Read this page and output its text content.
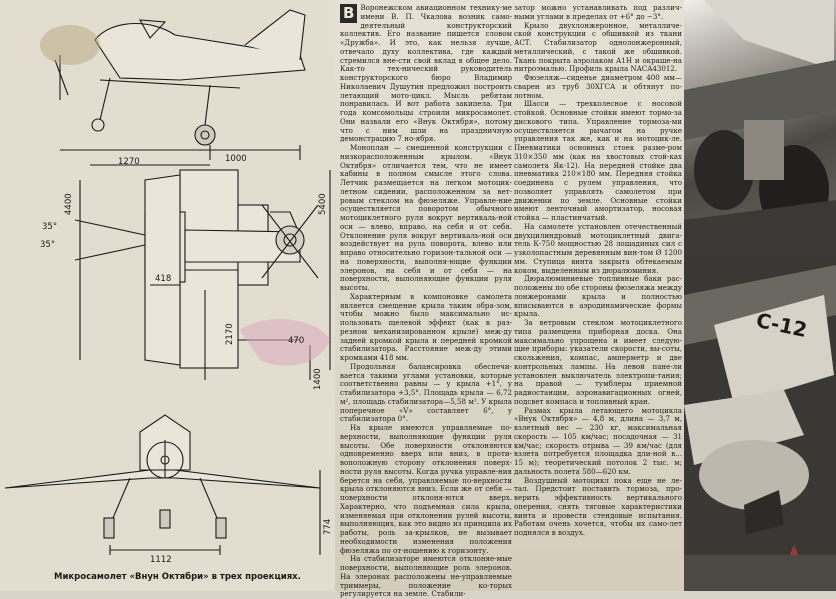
1270	1000
4400	5400
418
2170	470
1400
35°
35°
1112
774
Микросамолет «Внун Октябри» в трех проекциях.

В Воронежском авиационном технику-ме имени В. П. Чкалова возник само-деятельный конструкторский коллектив. Его название пишется словом «Дружба». И это, как нельзя лучше, отвечало духу коллектива, где каждый стремился вне-сти свой вклад в общее дело. Как-то тех-нический руководитель конструкторского бюро Владимир Николаевич Душутин предложил построить летающий мото-цикл. Мысль ребятам понравилась. И вот работа закипела. Три года комсомольцы строили микросамолет. Они назвали его «Внук Октября», потому что с ним шли на праздничную демонстрацию 7 но-ября.

Моноплан — смешенной конструкции с низкорасположенным крылом. «Внук Октября» отличается тем, что не имеет кабины в полном смысле этого слова. Летчик размещается на легком мотоцик-летном сидении, расположенном за вет-ровым стеклом на фюзеляже. Управле-ние осуществляется поворотом обычного мотоциклетного руля вокруг вертикаль-ной оси — влево, вправо, на себя и от себя. Отклонение руля вокруг вертикаль-ной оси воздействует на руль поворота, влево или вправо относительно горизон-тальной оси — на поверхности, выполня-ющие функции элеронов, на себя и от себя — на поверхности, выполняющие функции руля высоты.

Характерным в компоновке самолета является смещение крыла таким обра-зом, чтобы можно было максимально ис-пользовать щелевой эффект (как в раз-резном механизированном крыле) меж-ду задней кромкой крыла и передней кромкой стабилизатора. Расстояние меж-ду этими кромками 418 мм.

Продольная балансировка обеспечи-вается такими углами установки, которые соответственно равны — у крыла +1°, у стабилизатора +3,5°. Площадь крыла — 6,72 м², площадь стабилизатора—5,58 м². У крыла поперечное «V» составляет 6°, у стабилизатора 0°.

На крыле имеются управляемые по-верхности, выполняющие функции руля высоты. Обе поверхности отклоняются одновременно вверх или вниз, в проти-воположную сторону отклонения поверх-ности руля высоты. Когда ручка управле-ния берется на себя, управляемые по-верхности крыла отклоняются вниз. Если же от себя — поверхности отклоня-ются вверх. Характерно, что подъемная сила крыла, изменяемая при отклонении рулей высоты, выполняющих, как это видно из принципа их работы, роль за-крылков, не вызывает необходимости изменения положения фюзеляжа по от-ношению к горизонту.

На стабилизаторе имеются отклоняе-мые поверхности, выполняющие роль элеронов. На элеронах расположены не-управляемые триммеры, положение ко-торых регулируется на земле. Стабили-

затор можно устанавливать под различ-ными углами в пределах от +6° до −3°.

Крыло двухлонжеронное, металличе-ской конструкции с обшивкой из ткани АСТ. Стабилизатор однолонжеронный, металлический, с такой же обшивкой. Ткань покрыта аэролаком А1Н и окраше-на нитроэмалью. Профиль крыла NACA43012.

Фюзеляж—сиденье диаметром 400 мм— сварен из труб 30ХГСА и обтянут по-лотном.

Шасси — трехколесное с носовой стойкой. Основные стойки имеют тормо-за дискового типа. Управление тормоза-ми осуществляется рычагом на ручке управления так же, как и на мотоцик-ле. Пневматики основных стоек разме-ром 310×350 мм (как на хвостовых стой-ках самолета Як-12). На передней стойке два пневматика 210×180 мм. Передняя стойка соединена с рулем управления, что позволяет управлять самолетом при движении по земле. Основные стойки имеют ленточный амортизатор, носовая стойка — пластинчатый.

На самолете установлен отечественный двухцилиндровый мотоциклетный двига-тель К-750 мощностью 28 лошадиных сил с узколопастным деревянным вин-том Ø 1200 мм. Ступица винта закрыта обтекаемым коком, выделенным из дюралюминия.

Дюралюминиевые топливные баки рас-положены по обе стороны фюзеляжа между лонжеронами крыла и полностью вписываются в аэродинамические формы крыла.

За ветровым стеклом мотоциклетного типа размещена приборная доска. Она максимально упрощена и имеет следую-щие приборы: указатели скорости, вы-соты, скольжения, компас, амперметр и две контрольных лампы. На левой пане-ли установлен выключатель электропи-тания; на правой — тумблеры приемной радиостанции, аэронавигационных огней, подсвет компаса и топливный кран.

Размах крыла летающего мотоцикла «Внук Октября» — 4,8 м, длина — 3,7 м, взлетный вес — 230 кг, максимальная скорость — 105 км/час; посадочная — 31 км/час; скорость отрыва — 39 км/час (для взлета потребуется площадка дли-ной в... 15 м); теоретический потолок 2 тыс. м; дальность полета 580—620 км.

Воздушный мотоцикл пока еще не ле-тал. Предстоит поставить тормоза, про-верить эффективность вертикального оперения, снять тяговые характеристики винта и провести стендовые испытания. Работам очень хочется, чтобы их само-лет поднялся в воздух.

C-12
